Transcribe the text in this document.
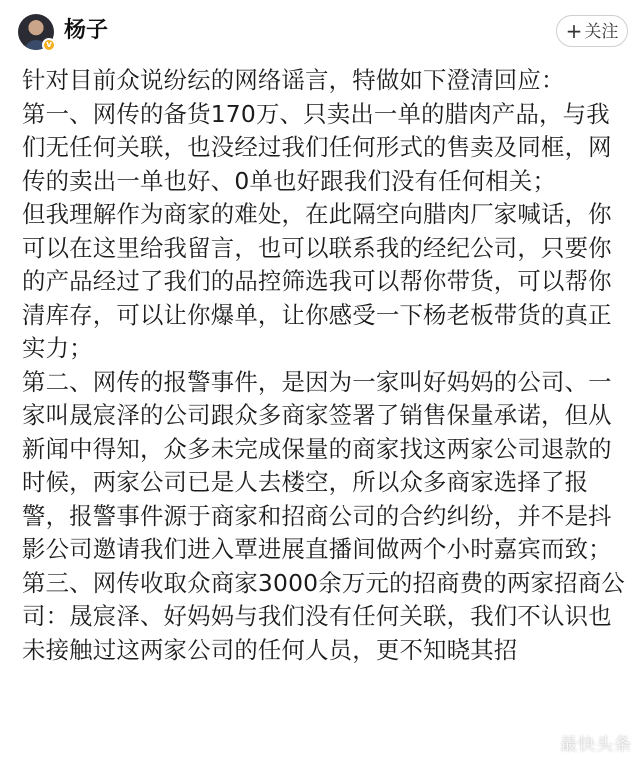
v
杨子	+ 关注

针对目前众说纷纭的网络谣言，特做如下澄清回应：

第一、网传的备货170万、只卖出一单的腊肉产品，与我们无任何关联，也没经过我们任何形式的售卖及同框，网传的卖出一单也好、0单也好跟我们没有任何相关；

但我理解作为商家的难处，在此隔空向腊肉厂家喊话，你可以在这里给我留言，也可以联系我的经纪公司，只要你的产品经过了我们的品控筛选我可以帮你带货，可以帮你清库存，可以让你爆单，让你感受一下杨老板带货的真正实力；

第二、网传的报警事件，是因为一家叫好妈妈的公司、一家叫晟宸泽的公司跟众多商家签署了销售保量承诺，但从新闻中得知，众多未完成保量的商家找这两家公司退款的时候，两家公司已是人去楼空，所以众多商家选择了报警，报警事件源于商家和招商公司的合约纠纷，并不是抖影公司邀请我们进入覃进展直播间做两个小时嘉宾而致；

第三、网传收取众商家3000余万元的招商费的两家招商公司：晟宸泽、好妈妈与我们没有任何关联，我们不认识也未接触过这两家公司的任何人员，更不知晓其招

最快头条
